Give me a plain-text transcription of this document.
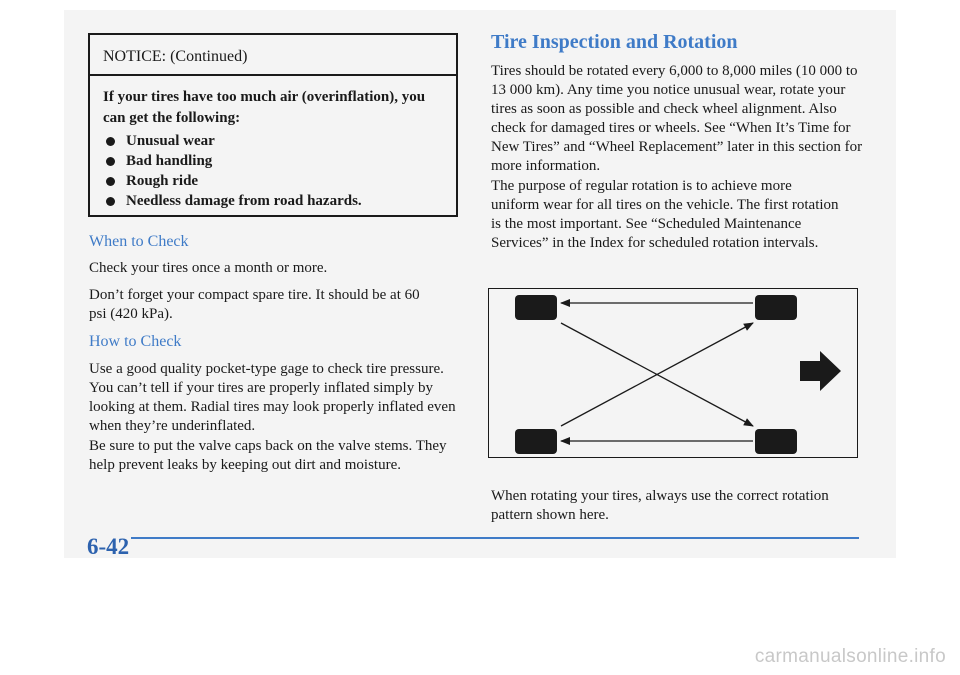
NOTICE: (Continued)
If your tires have too much air (overinflation), you can get the following:
Unusual wear
Bad handling
Rough ride
Needless damage from road hazards.
When to Check

Check your tires once a month or more.

Don’t forget your compact spare tire. It should be at 60 psi (420 kPa).

How to Check

Use a good quality pocket-type gage to check tire pressure. You can’t tell if your tires are properly inflated simply by looking at them. Radial tires may look properly inflated even when they’re underinflated.

Be sure to put the valve caps back on the valve stems. They help prevent leaks by keeping out dirt and moisture.

Tire Inspection and Rotation

Tires should be rotated every 6,000 to 8,000 miles (10 000 to 13 000 km). Any time you notice unusual wear, rotate your tires as soon as possible and check wheel alignment. Also check for damaged tires or wheels. See “When It’s Time for New Tires” and “Wheel Replacement” later in this section for more information.

The purpose of regular rotation is to achieve more uniform wear for all tires on the vehicle. The first rotation is the most important. See “Scheduled Maintenance Services” in the Index for scheduled rotation intervals.

When rotating your tires, always use the correct rotation pattern shown here.

6-42
carmanualsonline.info
